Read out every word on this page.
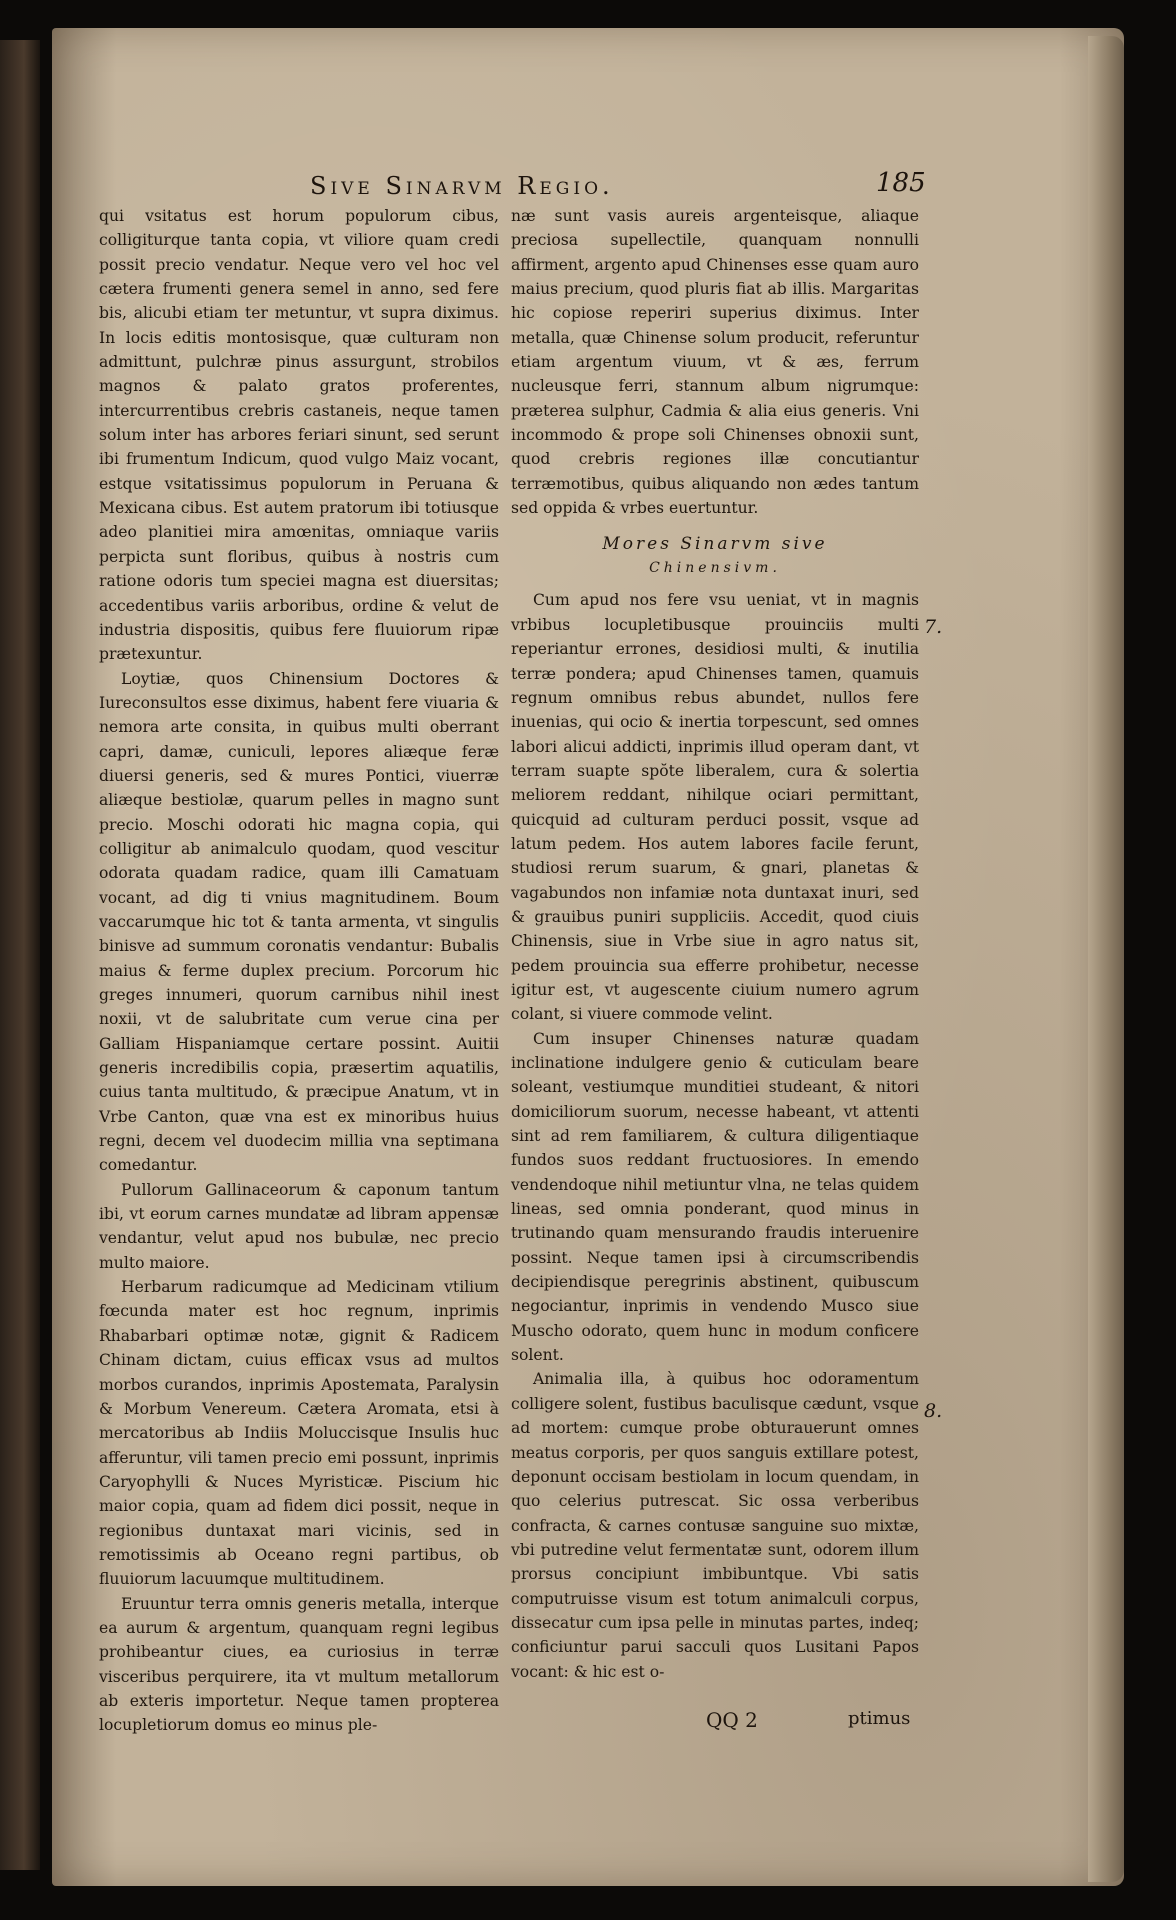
Sive Sinarvm Regio.	185

qui vsitatus est horum populorum cibus, colligiturque tanta copia, vt viliore quam credi possit precio vendatur. Neque vero vel hoc vel cætera frumenti genera semel in anno, sed fere bis, alicubi etiam ter metuntur, vt supra diximus. In locis editis montosisque, quæ culturam non admittunt, pulchræ pinus assurgunt, strobilos magnos & palato gratos proferentes, intercurrentibus crebris castaneis, neque tamen solum inter has arbores feriari sinunt, sed serunt ibi frumentum Indicum, quod vulgo Maiz vocant, estque vsitatissimus populorum in Peruana & Mexicana cibus. Est autem pratorum ibi totiusque adeo planitiei mira amœnitas, omniaque variis perpicta sunt floribus, quibus à nostris cum ratione odoris tum speciei magna est diuersitas; accedentibus variis arboribus, ordine & velut de industria dispositis, quibus fere fluuiorum ripæ prætexuntur.

Loytiæ, quos Chinensium Doctores & Iureconsultos esse diximus, habent fere viuaria & nemora arte consita, in quibus multi oberrant capri, damæ, cuniculi, lepores aliæque feræ diuersi generis, sed & mures Pontici, viuerræ aliæque bestiolæ, quarum pelles in magno sunt precio. Moschi odorati hic magna copia, qui colligitur ab animalculo quodam, quod vescitur odorata quadam radice, quam illi Camatuam vocant, ad dig ti vnius magnitudinem. Boum vaccarumque hic tot & tanta armenta, vt singulis binisve ad summum coronatis vendantur: Bubalis maius & ferme duplex precium. Porcorum hic greges innumeri, quorum carnibus nihil inest noxii, vt de salubritate cum verue cina per Galliam Hispaniamque certare possint. Auitii generis incredibilis copia, præsertim aquatilis, cuius tanta multitudo, & præcipue Anatum, vt in Vrbe Canton, quæ vna est ex minoribus huius regni, decem vel duodecim millia vna septimana comedantur.

Pullorum Gallinaceorum & caponum tantum ibi, vt eorum carnes mundatæ ad libram appensæ vendantur, velut apud nos bubulæ, nec precio multo maiore.

Herbarum radicumque ad Medicinam vtilium fœcunda mater est hoc regnum, inprimis Rhabarbari optimæ notæ, gignit & Radicem Chinam dictam, cuius efficax vsus ad multos morbos curandos, inprimis Apostemata, Paralysin & Morbum Venereum. Cætera Aromata, etsi à mercatoribus ab Indiis Moluccisque Insulis huc afferuntur, vili tamen precio emi possunt, inprimis Caryophylli & Nuces Myristicæ. Piscium hic maior copia, quam ad fidem dici possit, neque in regionibus duntaxat mari vicinis, sed in remotissimis ab Oceano regni partibus, ob fluuiorum lacuumque multitudinem.

Eruuntur terra omnis generis metalla, interque ea aurum & argentum, quanquam regni legibus prohibeantur ciues, ea curiosius in terræ visceribus perquirere, ita vt multum metallorum ab exteris importetur. Neque tamen propterea locupletiorum domus eo minus ple-

næ sunt vasis aureis argenteisque, aliaque preciosa supellectile, quanquam nonnulli affirment, argento apud Chinenses esse quam auro maius precium, quod pluris fiat ab illis. Margaritas hic copiose reperiri superius diximus. Inter metalla, quæ Chinense solum producit, referuntur etiam argentum viuum, vt & æs, ferrum nucleusque ferri, stannum album nigrumque: præterea sulphur, Cadmia & alia eius generis. Vni incommodo & prope soli Chinenses obnoxii sunt, quod crebris regiones illæ concutiantur terræmotibus, quibus aliquando non ædes tantum sed oppida & vrbes euertuntur.

Mores Sinarvm sive
Chinensivm.

Cum apud nos fere vsu ueniat, vt in magnis vrbibus locupletibusque prouinciis multi reperiantur errones, desidiosi multi, & inutilia terræ pondera; apud Chinenses tamen, quamuis regnum omnibus rebus abundet, nullos fere inuenias, qui ocio & inertia torpescunt, sed omnes labori alicui addicti, inprimis illud operam dant, vt terram suapte spŏte liberalem, cura & solertia meliorem reddant, nihilque ociari permittant, quicquid ad culturam perduci possit, vsque ad latum pedem. Hos autem labores facile ferunt, studiosi rerum suarum, & gnari, planetas & vagabundos non infamiæ nota duntaxat inuri, sed & grauibus puniri suppliciis. Accedit, quod ciuis Chinensis, siue in Vrbe siue in agro natus sit, pedem prouincia sua efferre prohibetur, necesse igitur est, vt augescente ciuium numero agrum colant, si viuere commode velint.

Cum insuper Chinenses naturæ quadam inclinatione indulgere genio & cuticulam beare soleant, vestiumque munditiei studeant, & nitori domiciliorum suorum, necesse habeant, vt attenti sint ad rem familiarem, & cultura diligentiaque fundos suos reddant fructuosiores. In emendo vendendoque nihil metiuntur vlna, ne telas quidem lineas, sed omnia ponderant, quod minus in trutinando quam mensurando fraudis interuenire possint. Neque tamen ipsi à circumscribendis decipiendisque peregrinis abstinent, quibuscum negociantur, inprimis in vendendo Musco siue Muscho odorato, quem hunc in modum conficere solent.

Animalia illa, à quibus hoc odoramentum colligere solent, fustibus baculisque cædunt, vsque ad mortem: cumque probe obturauerunt omnes meatus corporis, per quos sanguis extillare potest, deponunt occisam bestiolam in locum quendam, in quo celerius putrescat. Sic ossa verberibus confracta, & carnes contusæ sanguine suo mixtæ, vbi putredine velut fermentatæ sunt, odorem illum prorsus concipiunt imbibuntque. Vbi satis computruisse visum est totum animalculi corpus, dissecatur cum ipsa pelle in minutas partes, indeq; conficiuntur parui sacculi quos Lusitani Papos vocant: & hic est o-

7.
8.
QQ 2	ptimus
